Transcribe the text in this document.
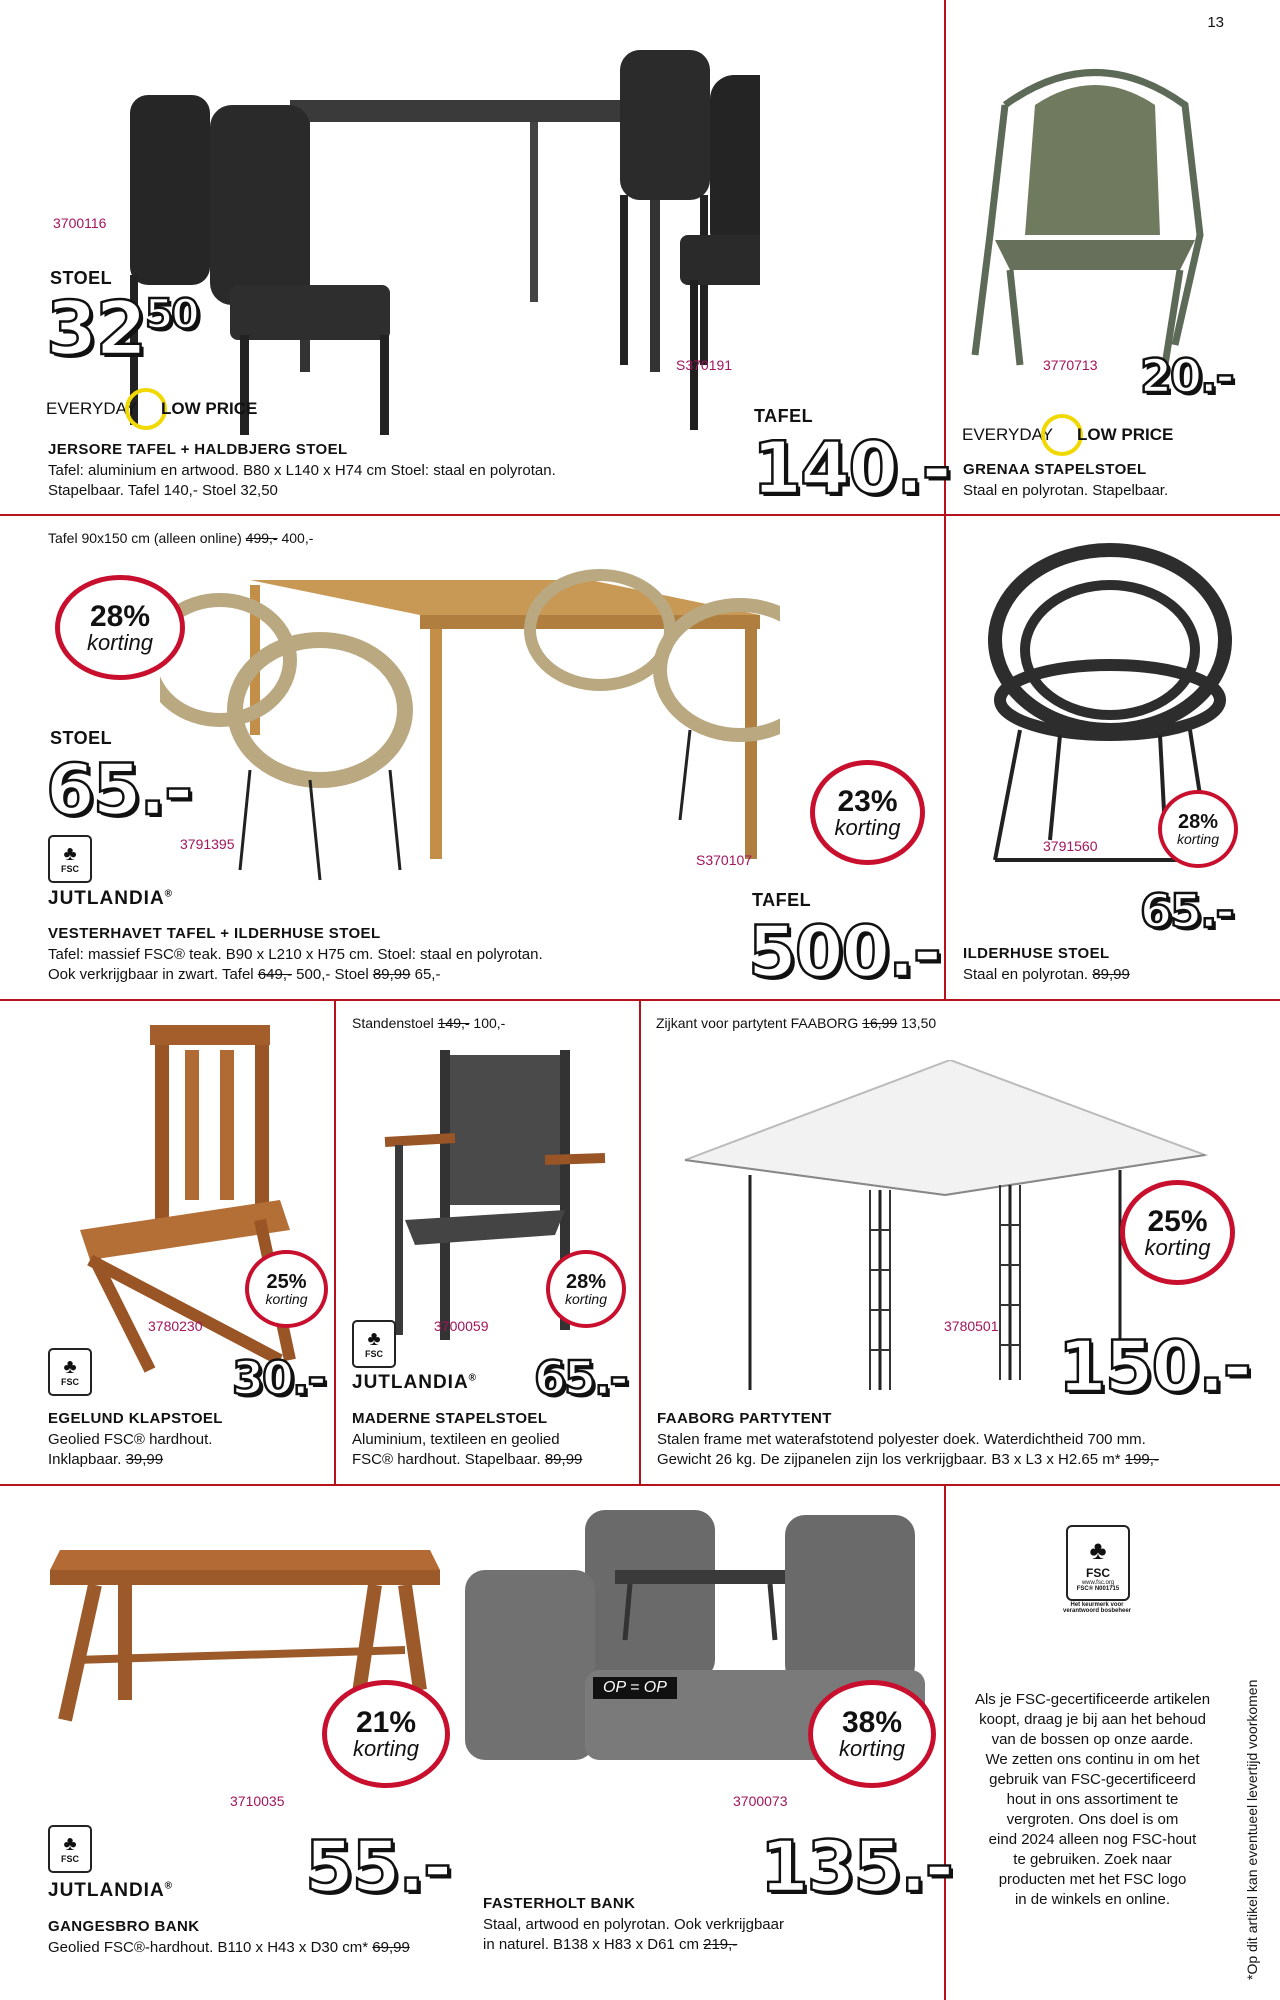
13
3700116
STOEL
$32^{50}$
EVERYDAY LOW PRICE
S370191
TAFEL
140.-
JERSORE TAFEL + HALDBJERG STOEL
Tafel: aluminium en artwood. B80 x L140 x H74 cm Stoel: staal en polyrotan.
Stapelbaar. Tafel 140,- Stoel 32,50
3770713 20.-
EVERYDAY LOW PRICE
GRENAA STAPELSTOEL
Staal en polyrotan. Stapelbaar.
Tafel 90x150 cm (alleen online) 499,- 400,-
28%
korting
STOEL
65.-
3791395
♣
FSC
JUTLANDIA®
23%
korting
S370107
TAFEL
500.-
VESTERHAVET TAFEL + ILDERHUSE STOEL
Tafel: massief FSC® teak. B90 x L210 x H75 cm. Stoel: staal en polyrotan.
Ook verkrijgbaar in zwart. Tafel 649,- 500,- Stoel 89,99 65,-
28%
korting
3791560
65.-
ILDERHUSE STOEL
Staal en polyrotan. 89,99
25%
korting
3780230
♣
FSC	30.-
EGELUND KLAPSTOEL
Geolied FSC® hardhout.
Inklapbaar. 39,99
Standenstoel 149,- 100,-
28%
korting
♣
FSC
3700059
JUTLANDIA® 65.-
MADERNE STAPELSTOEL
Aluminium, textileen en geolied
FSC® hardhout. Stapelbaar. 89,99
Zijkant voor partytent FAABORG 16,99 13,50
25%
korting
3780501 150.-
FAABORG PARTYTENT
Stalen frame met waterafstotend polyester doek. Waterdichtheid 700 mm.
Gewicht 26 kg. De zijpanelen zijn los verkrijgbaar. B3 x L3 x H2.65 m* 199,-
21%
korting
3710035
♣
FSC	55.-
JUTLANDIA®
GANGESBRO BANK
Geolied FSC®-hardhout. B110 x H43 x D30 cm* 69,99
OP = OP
38%
korting
3700073
135.-
FASTERHOLT BANK
Staal, artwood en polyrotan. Ook verkrijgbaar
in naturel. B138 x H83 x D61 cm 219,-
♣
FSC
www.fsc.org
FSC® N001715
Het keurmerk voor verantwoord bosbeheer
Als je FSC-gecertificeerde artikelen
koopt, draag je bij aan het behoud
van de bossen op onze aarde.
We zetten ons continu in om het
gebruik van FSC-gecertificeerd
hout in ons assortiment te
vergroten. Ons doel is om
eind 2024 alleen nog FSC-hout
te gebruiken. Zoek naar
producten met het FSC logo
in de winkels en online.	*Op dit artikel kan eventueel levertijd voorkomen
